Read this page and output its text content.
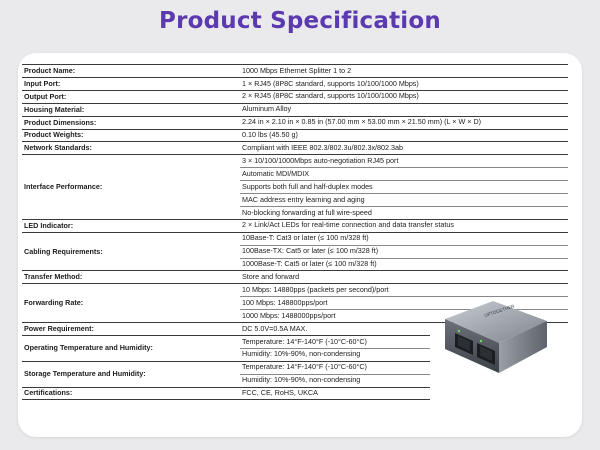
Product Specification
Product Name:	1000 Mbps Ethernet Splitter 1 to 2
Input Port:	1 × RJ45 (8P8C standard, supports 10/100/1000 Mbps)
Output Port:	2 × RJ45 (8P8C standard, supports 10/100/1000 Mbps)
Housing Material:	Aluminum Alloy
Product Dimensions:	2.24 in × 2.10 in × 0.85 in (57.00 mm × 53.00 mm × 21.50 mm) (L × W × D)
Product Weights:	0.10 lbs (45.50 g)
Network Standards:	Compliant with IEEE 802.3/802.3u/802.3x/802.3ab
Interface Performance:
3 × 10/100/1000Mbps auto-negotiation RJ45 port
Automatic MDI/MDIX
Supports both full and half-duplex modes
MAC address entry learning and aging
No-blocking forwarding at full wire-speed
LED Indicator:	2 × Link/Act LEDs for real-time connection and data transfer status
Cabling Requirements:
10Base-T: Cat3 or later (≤ 100 m/328 ft)
100Base-TX: Cat5 or later (≤ 100 m/328 ft)
1000Base-T: Cat5 or later (≤ 100 m/328 ft)
Transfer Method:	Store and forward
Forwarding Rate:
10 Mbps: 14880pps (packets per second)/port
100 Mbps: 148800pps/port
1000 Mbps: 1488000pps/port
Power Requirement:	DC 5.0V=0.5A MAX.
Operating Temperature and Humidity:
Temperature: 14°F-140°F (-10°C-60°C)
Humidity: 10%-90%, non-condensing
Storage Temperature and Humidity:
Temperature: 14°F-140°F (-10°C-60°C)
Humidity: 10%-90%, non-condensing
Certifications:	FCC, CE, RoHS, UKCA
UPTOGETHER
